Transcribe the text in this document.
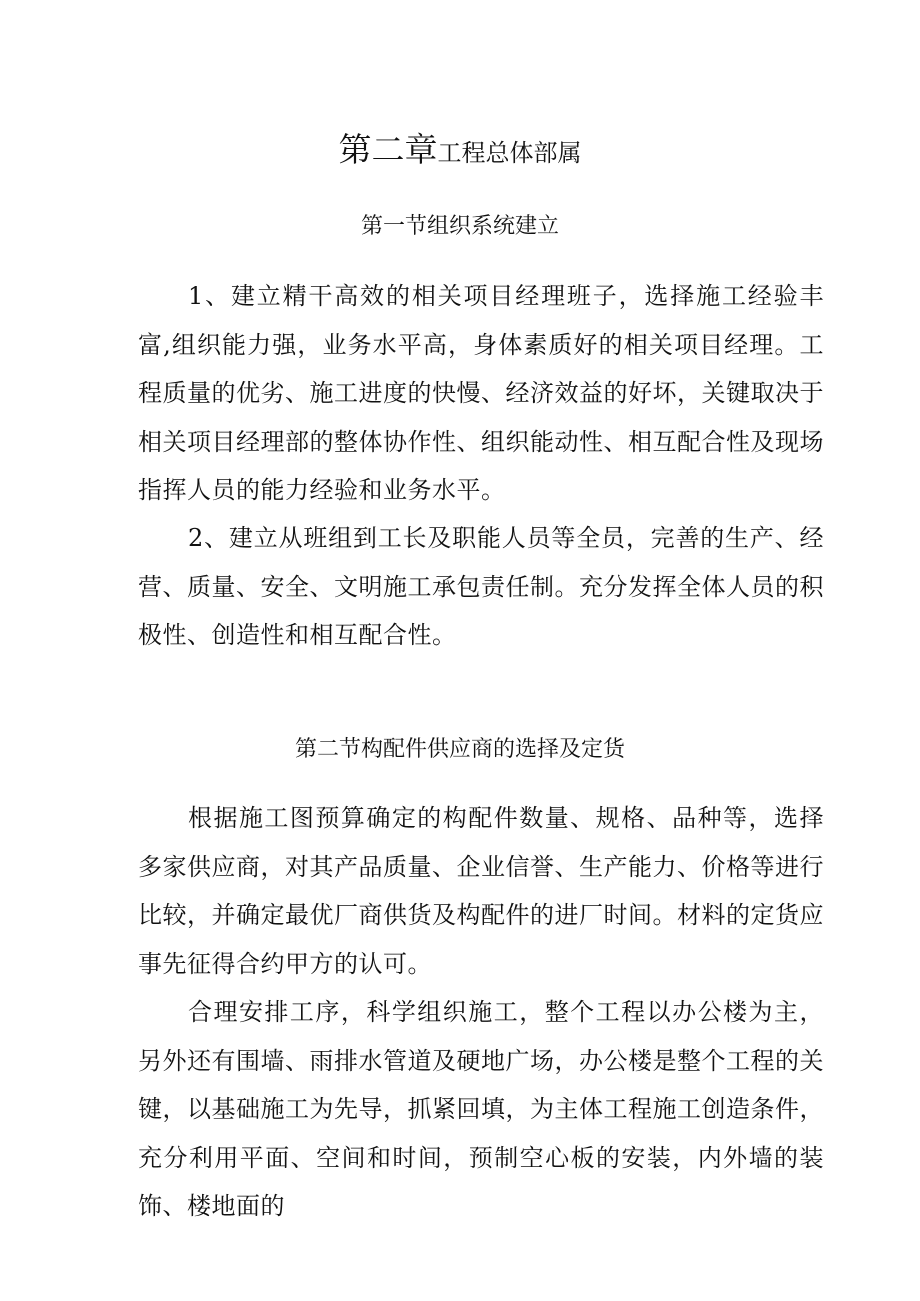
第二章工程总体部属
第一节组织系统建立

1、建立精干高效的相关项目经理班子，选择施工经验丰富,组织能力强，业务水平高，身体素质好的相关项目经理。工程质量的优劣、施工进度的快慢、经济效益的好坏，关键取决于相关项目经理部的整体协作性、组织能动性、相互配合性及现场指挥人员的能力经验和业务水平。

2、建立从班组到工长及职能人员等全员，完善的生产、经营、质量、安全、文明施工承包责任制。充分发挥全体人员的积极性、创造性和相互配合性。

第二节构配件供应商的选择及定货

根据施工图预算确定的构配件数量、规格、品种等，选择多家供应商，对其产品质量、企业信誉、生产能力、价格等进行比较，并确定最优厂商供货及构配件的进厂时间。材料的定货应事先征得合约甲方的认可。

合理安排工序，科学组织施工，整个工程以办公楼为主，另外还有围墙、雨排水管道及硬地广场，办公楼是整个工程的关键，以基础施工为先导，抓紧回填，为主体工程施工创造条件，充分利用平面、空间和时间，预制空心板的安装，内外墙的装饰、楼地面的
